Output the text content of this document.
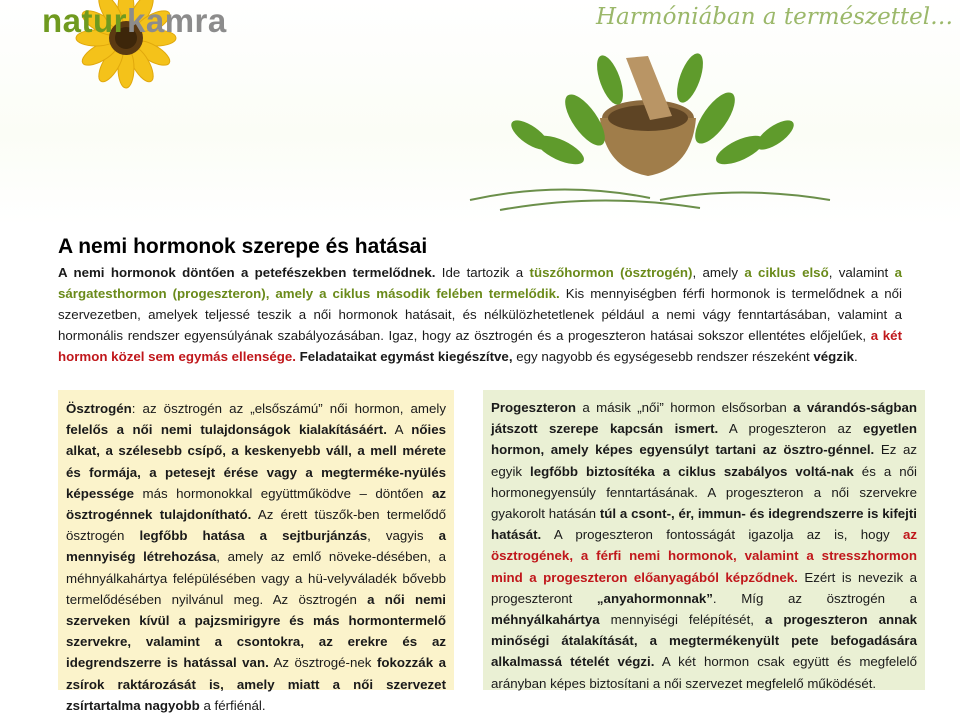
naturkamra	Harmóniában a természettel…
A nemi hormonok szerepe és hatásai

A nemi hormonok döntően a petefészekben termelődnek. Ide tartozik a tüszőhormon (ösztrogén), amely a ciklus első, valamint a sárgatesthormon (progeszteron), amely a ciklus második felében termelődik. Kis mennyiségben férfi hormonok is termelődnek a női szervezetben, amelyek teljessé teszik a női hormonok hatásait, és nélkülözhetetlenek például a nemi vágy fenntartásában, valamint a hormonális rendszer egyensúlyának szabályozásában. Igaz, hogy az ösztrogén és a progeszteron hatásai sokszor ellentétes előjelűek, a két hormon közel sem egymás ellensége. Feladataikat egymást kiegészítve, egy nagyobb és egységesebb rendszer részeként végzik.

Ösztrogén: az ösztrogén az „elsőszámú” női hormon, amely felelős a női nemi tulajdonságok kialakításáért. A nőies alkat, a szélesebb csípő, a keskenyebb váll, a mell mérete és formája, a petesejt érése vagy a megterméke-nyülés képessége más hormonokkal együttműködve – döntően az ösztrogénnek tulajdonítható. Az érett tüszők-ben termelődő ösztrogén legfőbb hatása a sejtburjánzás, vagyis a mennyiség létrehozása, amely az emlő növeke-désében, a méhnyálkahártya felépülésében vagy a hü-velyváladék bővebb termelődésében nyilvánul meg. Az ösztrogén a női nemi szerveken kívül a pajzsmirigyre és más hormontermelő szervekre, valamint a csontokra, az erekre és az idegrendszerre is hatással van. Az ösztrogé-nek fokozzák a zsírok raktározását is, amely miatt a női szervezet zsírtartalma nagyobb a férfiénál.
Progeszteron a másik „női” hormon elsősorban a várandós-ságban játszott szerepe kapcsán ismert. A progeszteron az egyetlen hormon, amely képes egyensúlyt tartani az ösztro-génnel. Ez az egyik legfőbb biztosítéka a ciklus szabályos voltá-nak és a női hormonegyensúly fenntartásának. A progeszteron a női szervekre gyakorolt hatásán túl a csont-, ér, immun- és idegrendszerre is kifejti hatását. A progeszteron fontosságát igazolja az is, hogy az ösztrogének, a férfi nemi hormonok, valamint a stresszhormon mind a progeszteron előanyagából képződnek. Ezért is nevezik a progeszteront „anyahormonnak”. Míg az ösztrogén a méhnyálkahártya mennyiségi felépítését, a progeszteron annak minőségi átalakítását, a megtermékenyült pete befogadására alkalmassá tételét végzi. A két hormon csak együtt és megfelelő arányban képes biztosítani a női szervezet megfelelő működését.
